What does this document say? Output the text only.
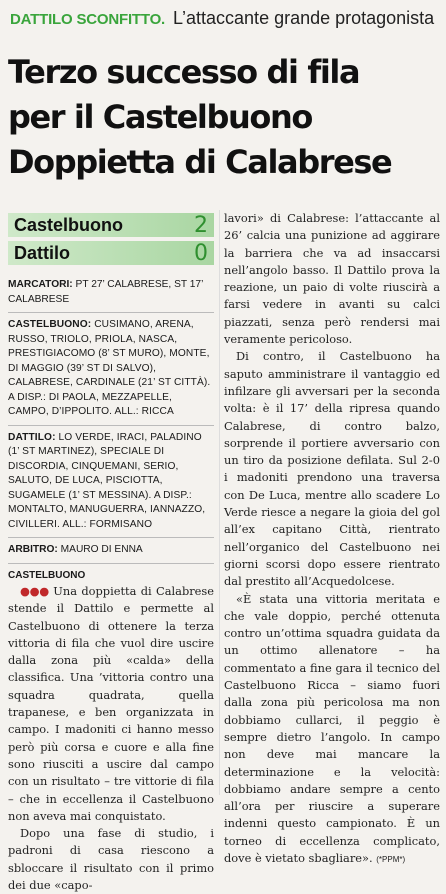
DATTILO SCONFITTO. L’attaccante grande protagonista
Terzo successo di fila
per il Castelbuono
Doppietta di Calabrese
Castelbuono	2
Dattilo	0
MARCATORI: PT 27’ CALABRESE, ST 17’ CALABRESE
CASTELBUONO: CUSIMANO, ARENA, RUSSO, TRIOLO, PRIOLA, NASCA, PRESTIGIACOMO (8’ ST MURO), MONTE, DI MAGGIO (39’ ST DI SALVO), CALABRESE, CARDINALE (21’ ST CITTÀ). A DISP.: DI PAOLA, MEZZAPELLE, CAMPO, D’IPPOLITO. ALL.: RICCA
DATTILO: LO VERDE, IRACI, PALADINO (1’ ST MARTINEZ), SPECIALE DI DISCORDIA, CINQUEMANI, SERIO, SALUTO, DE LUCA, PISCIOTTA, SUGAMELE (1’ ST MESSINA). A DISP.: MONTALTO, MANUGUERRA, IANNAZZO, CIVILLERI. ALL.: FORMISANO
ARBITRO: MAURO DI ENNA
CASTELBUONO

●●● Una doppietta di Calabrese stende il Dattilo e permette al Castelbuono di ottenere la terza vittoria di fila che vuol dire uscire dalla zona più «calda» della classifica. Una ’vittoria contro una squadra quadrata, quella trapanese, e ben organizzata in campo. I madoniti ci hanno messo però più corsa e cuore e alla fine sono riusciti a uscire dal campo con un risultato – tre vittorie di fila – che in eccellenza il Castelbuono non aveva mai conquistato.

Dopo una fase di studio, i padroni di casa riescono a sbloccare il risultato con il primo dei due «capo-

lavori» di Calabrese: l’attaccante al 26’ calcia una punizione ad aggirare la barriera che va ad insaccarsi nell’angolo basso. Il Dattilo prova la reazione, un paio di volte riuscirà a farsi vedere in avanti su calci piazzati, senza però rendersi mai veramente pericoloso.

Di contro, il Castelbuono ha saputo amministrare il vantaggio ed infilzare gli avversari per la seconda volta: è il 17’ della ripresa quando Calabrese, di contro balzo, sorprende il portiere avversario con un tiro da posizione defilata. Sul 2-0 i madoniti prendono una traversa con De Luca, mentre allo scadere Lo Verde riesce a negare la gioia del gol all’ex capitano Città, rientrato nell’organico del Castelbuono nei giorni scorsi dopo essere rientrato dal prestito all’Acquedolcese.

«È stata una vittoria meritata e che vale doppio, perché ottenuta contro un’ottima squadra guidata da un ottimo allenatore – ha commentato a fine gara il tecnico del Castelbuono Ricca – siamo fuori dalla zona più pericolosa ma non dobbiamo cullarci, il peggio è sempre dietro l’angolo. In campo non deve mai mancare la determinazione e la velocità: dobbiamo andare sempre a cento all’ora per riuscire a superare indenni questo campionato. È un torneo di eccellenza complicato, dove è vietato sbagliare». (*PPM*)
